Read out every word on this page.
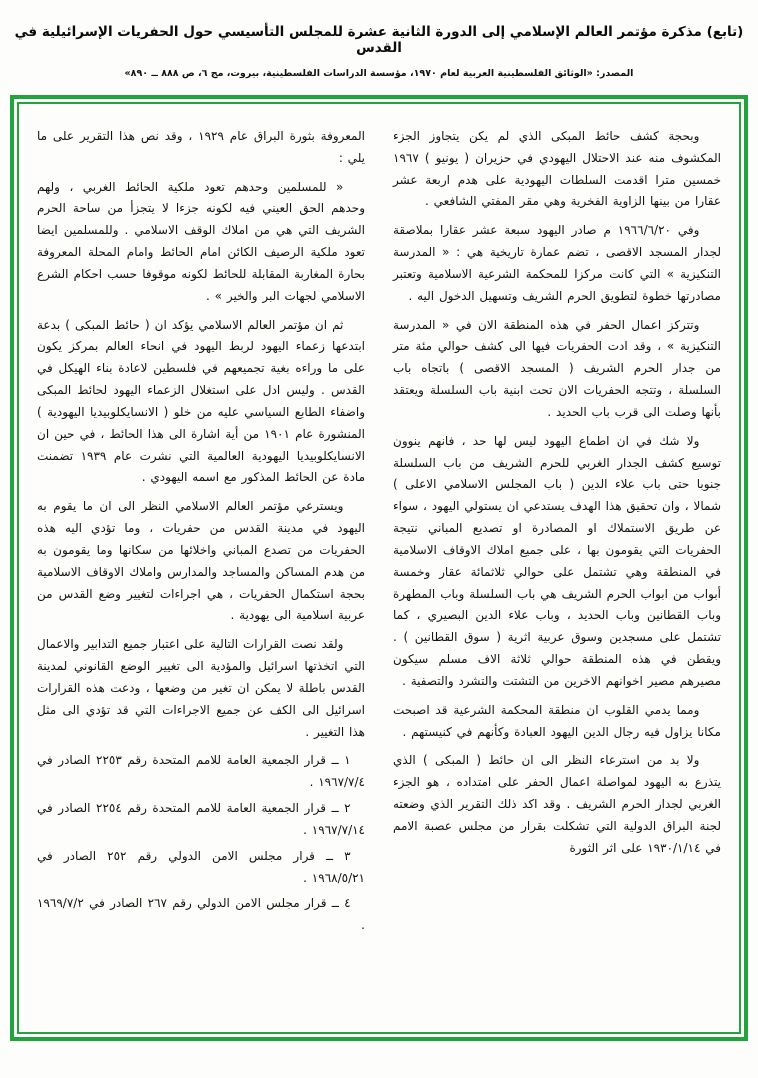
(تابع) مذكرة مؤتمر العالم الإسلامي إلى الدورة الثانية عشرة للمجلس التأسيسي حول الحفريات الإسرائيلية في القدس
المصدر: «الوثائق الفلسطينية العربية لعام ١٩٧٠، مؤسسة الدراسات الفلسطينية، بيروت، مج ٦، ص ٨٨٨ ــ ٨٩٠»

وبحجة كشف حائط المبكى الذي لم يكن يتجاوز الجزء المكشوف منه عند الاحتلال اليهودي في حزيران ( يونيو ) ١٩٦٧ خمسين مترا اقدمت السلطات اليهودية على هدم اربعة عشر عقارا من بينها الزاوية الفخرية وهي مقر المفتي الشافعي .

وفي ١٩٦٦/٦/٢٠ م صادر اليهود سبعة عشر عقارا بملاصقة لجدار المسجد الاقصى ، تضم عمارة تاريخية هي : « المدرسة التنكيزية » التي كانت مركزا للمحكمة الشرعية الاسلامية وتعتبر مصادرتها خطوة لتطويق الحرم الشريف وتسهيل الدخول اليه .

وتتركز اعمال الحفر في هذه المنطقة الان في « المدرسة التنكيزية » ، وقد ادت الحفريات فيها الى كشف حوالي مئة متر من جدار الحرم الشريف ( المسجد الاقصى ) باتجاه باب السلسلة ، وتتجه الحفريات الان تحت ابنية باب السلسلة ويعتقد بأنها وصلت الى قرب باب الحديد .

ولا شك في ان اطماع اليهود ليس لها حد ، فانهم ينوون توسيع كشف الجدار الغربي للحرم الشريف من باب السلسلة جنوبا حتى باب علاء الدين ( باب المجلس الاسلامي الاعلى ) شمالا ، وان تحقيق هذا الهدف يستدعي ان يستولي اليهود ، سواء عن طريق الاستملاك او المصادرة او تصديع المباني نتيجة الحفريات التي يقومون بها ، على جميع املاك الاوقاف الاسلامية في المنطقة وهي تشتمل على حوالي ثلاثمائة عقار وخمسة أبواب من ابواب الحرم الشريف هي باب السلسلة وباب المطهرة وباب القطانين وباب الحديد ، وباب علاء الدين البصيري ، كما تشتمل على مسجدين وسوق عربية اثرية ( سوق القطانين ) . ويقطن في هذه المنطقة حوالي ثلاثة الاف مسلم سيكون مصيرهم مصير اخوانهم الاخرين من التشتت والتشرد والتصفية .

ومما يدمي القلوب ان منطقة المحكمة الشرعية قد اصبحت مكانا يزاول فيه رجال الدين اليهود العبادة وكأنهم في كنيستهم .

ولا بد من استرعاء النظر الى ان حائط ( المبكى ) الذي يتذرع به اليهود لمواصلة اعمال الحفر على امتداده ، هو الجزء الغربي لجدار الحرم الشريف . وقد اكد ذلك التقرير الذي وضعته لجنة البراق الدولية التي تشكلت بقرار من مجلس عصبة الامم في ١٩٣٠/١/١٤ على اثر الثورة

المعروفة بثورة البراق عام ١٩٢٩ ، وقد نص هذا التقرير على ما يلي :

« للمسلمين وحدهم تعود ملكية الحائط الغربي ، ولهم وحدهم الحق العيني فيه لكونه جزءا لا يتجزأ من ساحة الحرم الشريف التي هي من املاك الوقف الاسلامي . وللمسلمين ايضا تعود ملكية الرصيف الكائن امام الحائط وامام المحلة المعروفة بحارة المغاربة المقابلة للحائط لكونه موقوفا حسب احكام الشرع الاسلامي لجهات البر والخير » .

ثم ان مؤتمر العالم الاسلامي يؤكد ان ( حائط المبكى ) بدعة ابتدعها زعماء اليهود لربط اليهود في انحاء العالم بمركز يكون على ما وراءه بغية تجميعهم في فلسطين لاعادة بناء الهيكل في القدس . وليس ادل على استغلال الزعماء اليهود لحائط المبكى واضفاء الطابع السياسي عليه من خلو ( الانسايكلوبيديا اليهودية ) المنشورة عام ١٩٠١ من أية اشارة الى هذا الحائط ، في حين ان الانسايكلوبيديا اليهودية العالمية التي نشرت عام ١٩٣٩ تضمنت مادة عن الحائط المذكور مع اسمه اليهودي .

ويسترعي مؤتمر العالم الاسلامي النظر الى ان ما يقوم به اليهود في مدينة القدس من حفريات ، وما تؤدي اليه هذه الحفريات من تصدع المباني واخلائها من سكانها وما يقومون به من هدم المساكن والمساجد والمدارس واملاك الاوقاف الاسلامية بحجة استكمال الحفريات ، هي اجراءات لتغيير وضع القدس من عربية اسلامية الى يهودية .

ولقد نصت القرارات التالية على اعتبار جميع التدابير والاعمال التي اتخذتها اسرائيل والمؤدية الى تغيير الوضع القانوني لمدينة القدس باطلة لا يمكن ان تغير من وضعها ، ودعت هذه القرارات اسرائيل الى الكف عن جميع الاجراءات التي قد تؤدي الى مثل هذا التغيير .

١ ــ قرار الجمعية العامة للامم المتحدة رقم ٢٢٥٣ الصادر في ١٩٦٧/٧/٤ .

٢ ــ قرار الجمعية العامة للامم المتحدة رقم ٢٢٥٤ الصادر في ١٩٦٧/٧/١٤ .

٣ ــ قرار مجلس الامن الدولي رقم ٢٥٢ الصادر في ١٩٦٨/٥/٢١ .

٤ ــ قرار مجلس الامن الدولي رقم ٢٦٧ الصادر في ١٩٦٩/٧/٢ .
